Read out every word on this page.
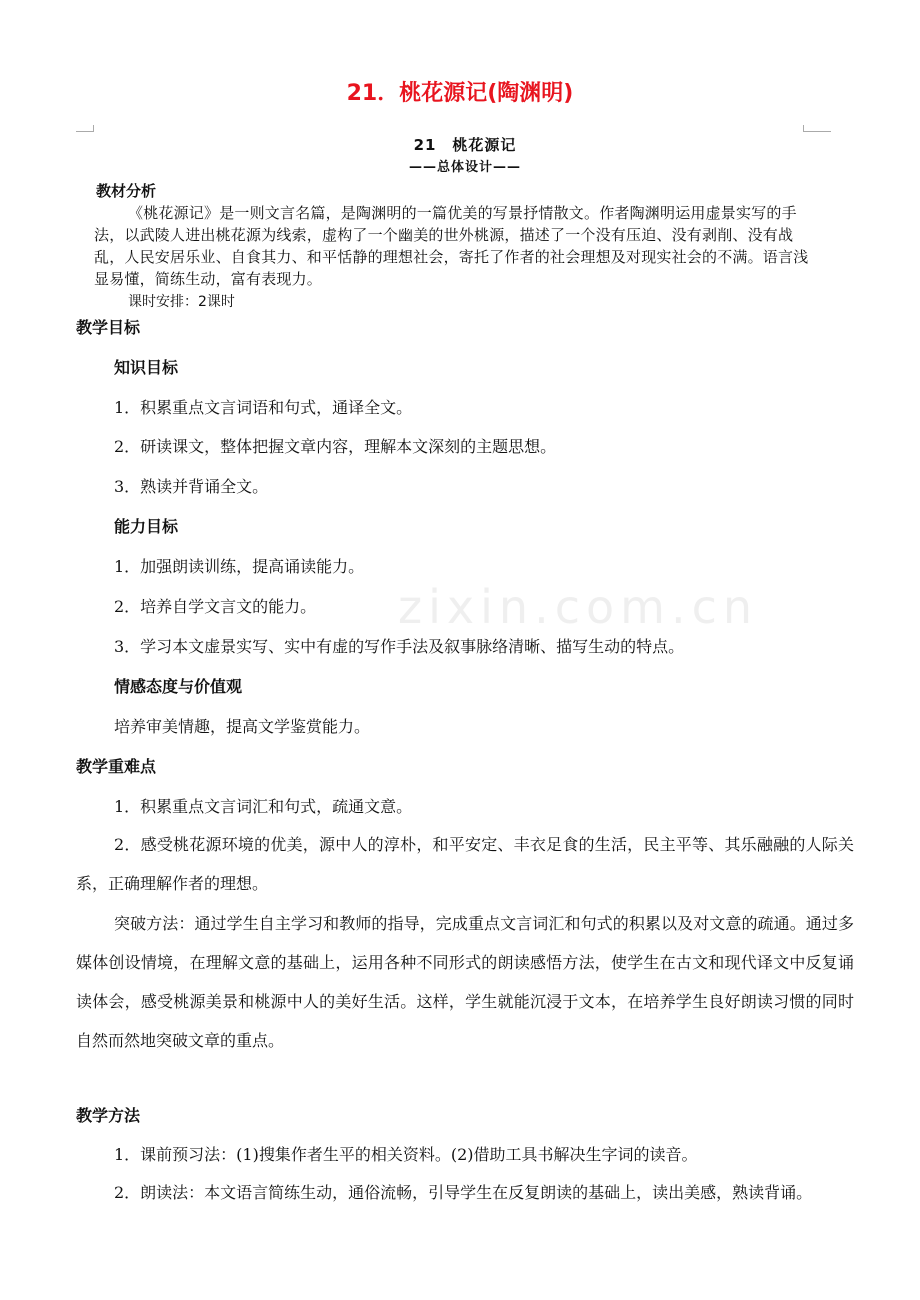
21．桃花源记(陶渊明)
21　桃花源记
——总体设计——
教材分析
《桃花源记》是一则文言名篇，是陶渊明的一篇优美的写景抒情散文。作者陶渊明运用虚景实写的手法，以武陵人进出桃花源为线索，虚构了一个幽美的世外桃源，描述了一个没有压迫、没有剥削、没有战乱，人民安居乐业、自食其力、和平恬静的理想社会，寄托了作者的社会理想及对现实社会的不满。语言浅显易懂，简练生动，富有表现力。
课时安排：2课时
zixin.com.cn
教学目标
知识目标
1．积累重点文言词语和句式，通译全文。
2．研读课文，整体把握文章内容，理解本文深刻的主题思想。
3．熟读并背诵全文。
能力目标
1．加强朗读训练，提高诵读能力。
2．培养自学文言文的能力。
3．学习本文虚景实写、实中有虚的写作手法及叙事脉络清晰、描写生动的特点。
情感态度与价值观
培养审美情趣，提高文学鉴赏能力。
教学重难点
1．积累重点文言词汇和句式，疏通文意。
2．感受桃花源环境的优美，源中人的淳朴，和平安定、丰衣足食的生活，民主平等、其乐融融的人际关系，正确理解作者的理想。
突破方法：通过学生自主学习和教师的指导，完成重点文言词汇和句式的积累以及对文意的疏通。通过多媒体创设情境，在理解文意的基础上，运用各种不同形式的朗读感悟方法，使学生在古文和现代译文中反复诵读体会，感受桃源美景和桃源中人的美好生活。这样，学生就能沉浸于文本，在培养学生良好朗读习惯的同时自然而然地突破文章的重点。
教学方法
1．课前预习法：(1)搜集作者生平的相关资料。(2)借助工具书解决生字词的读音。
2．朗读法：本文语言简练生动，通俗流畅，引导学生在反复朗读的基础上，读出美感，熟读背诵。
